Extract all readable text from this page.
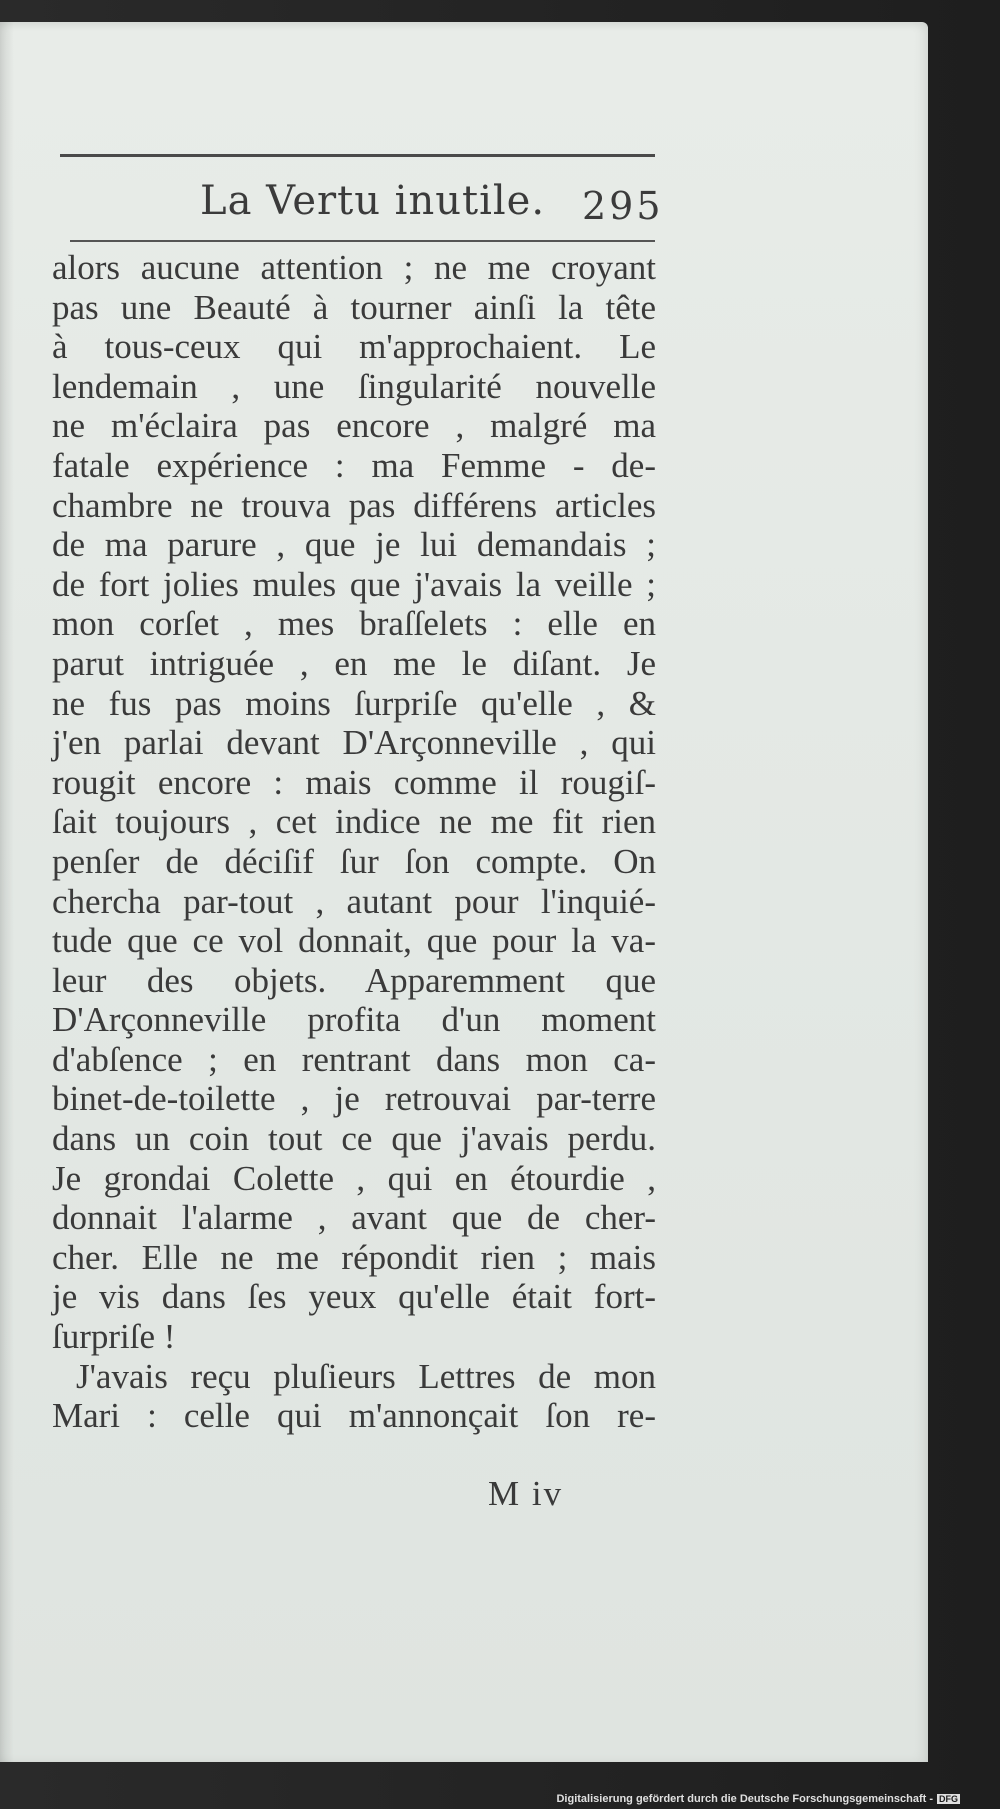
La Vertu inutile. 295
alors aucune attention ; ne me croyant
pas une Beauté à tourner ainſi la tête
à tous-ceux qui m'approchaient. Le
lendemain , une ſingularité nouvelle
ne m'éclaira pas encore , malgré ma
fatale expérience : ma Femme - de-
chambre ne trouva pas différens articles
de ma parure , que je lui demandais ;
de fort jolies mules que j'avais la veille ;
mon corſet , mes braſſelets : elle en
parut intriguée , en me le diſant. Je
ne fus pas moins ſurpriſe qu'elle , &
j'en parlai devant D'Arçonneville , qui
rougit encore : mais comme il rougiſ-
ſait toujours , cet indice ne me fit rien
penſer de déciſif ſur ſon compte. On
chercha par-tout , autant pour l'inquié-
tude que ce vol donnait, que pour la va-
leur des objets. Apparemment que
D'Arçonneville profita d'un moment
d'abſence ; en rentrant dans mon ca-
binet-de-toilette , je retrouvai par-terre
dans un coin tout ce que j'avais perdu.
Je grondai Colette , qui en étourdie ,
donnait l'alarme , avant que de cher-
cher. Elle ne me répondit rien ; mais
je vis dans ſes yeux qu'elle était fort-
ſurpriſe !
J'avais reçu pluſieurs Lettres de mon
Mari : celle qui m'annonçait ſon re-
M iv
Digitalisierung gefördert durch die Deutsche Forschungsgemeinschaft - DFG
